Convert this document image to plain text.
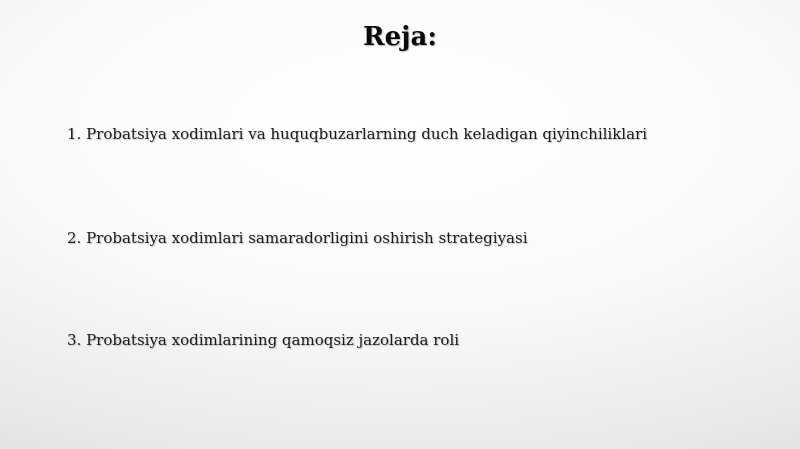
Reja:
1. Probatsiya xodimlari va huquqbuzarlarning duch keladigan qiyinchiliklari
2. Probatsiya xodimlari samaradorligini oshirish strategiyasi
3. Probatsiya xodimlarining qamoqsiz jazolarda roli
